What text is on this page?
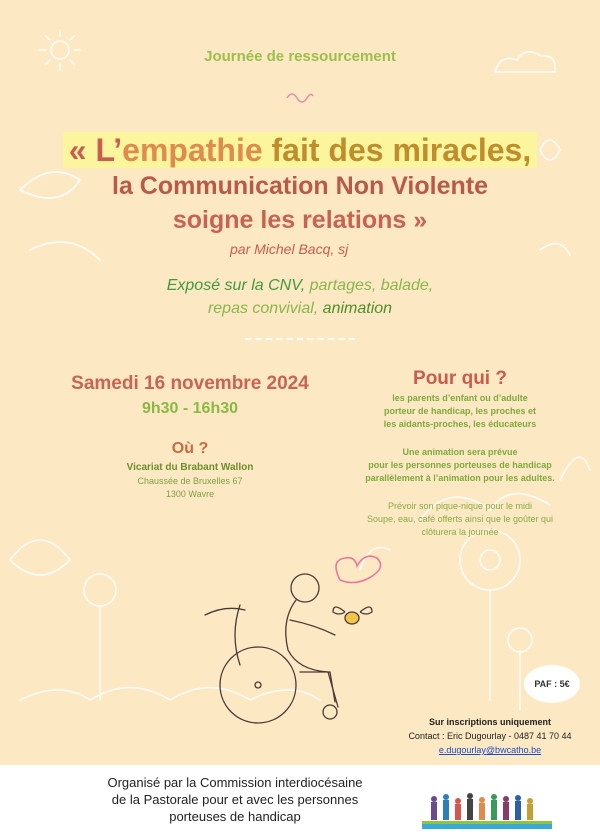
Journée de ressourcement
« L’empathie fait des miracles,
la Communication Non Violente
soigne les relations »
par Michel Bacq, sj
Exposé sur la CNV, partages, balade,
repas convivial, animation
Samedi 16 novembre 2024
9h30 - 16h30
Où ?
Vicariat du Brabant Wallon
Chaussée de Bruxelles 67
1300 Wavre
Pour qui ?
les parents d’enfant ou d’adulte
porteur de handicap, les proches et
les aidants-proches, les éducateurs
Une animation sera prévue
pour les personnes porteuses de handicap
parallèlement à l’animation pour les adultes.
Prévoir son pique-nique pour le midi
Soupe, eau, café offerts ainsi que le goûter qui
clôturera la journée
PAF : 5€
Sur inscriptions uniquement
Contact : Eric Dugourlay - 0487 41 70 44
e.dugourlay@bwcatho.be
Organisé par la Commission interdiocésaine
de la Pastorale pour et avec les personnes
porteuses de handicap
